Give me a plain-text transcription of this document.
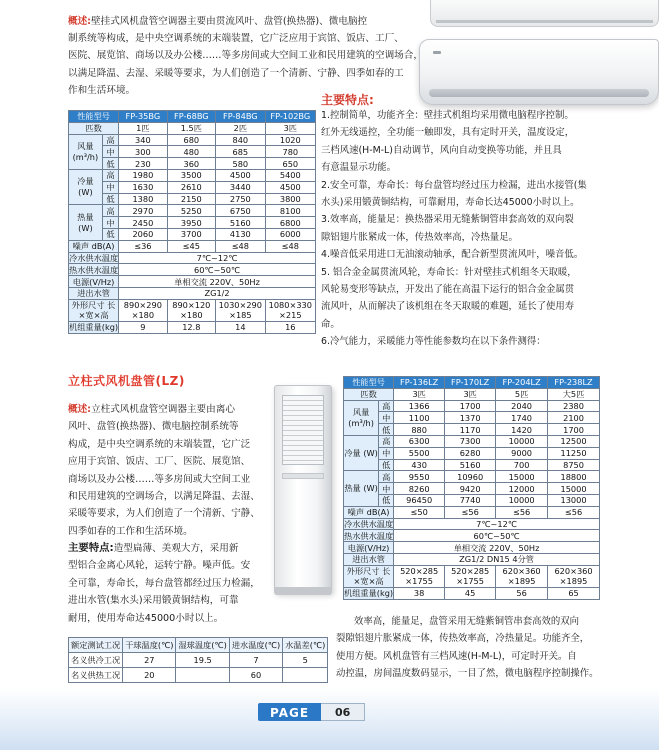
概述:壁挂式风机盘管空调器主要由贯流风叶、盘管(换热器)、微电脑控
制系统等构成，是中央空调系统的末端装置，它广泛应用于宾馆、饭店、工厂、
医院、展览馆、商场以及办公楼……等多房间或大空间工业和民用建筑的空调场合，
以满足降温、去湿、采暖等要求，为人们创造了一个清新、宁静、四季如春的工
作和生活环境。
主要特点:
1.控制简单，功能齐全：壁挂式机组均采用微电脑程序控制。
红外无线遥控，全功能一触即发，具有定时开关，温度设定，
三档风速(H-M-L)自动调节，风向自动变换等功能，并且具
有意温显示功能。
2.安全可靠，寿命长：每台盘管均经过压力检漏，进出水接管(集
水头)采用锻黄铜结构，可靠耐用，寿命长达45000小时以上。
3.效率高，能量足：换热器采用无缝紫铜管串套高效的双向裂
隙铝翅片胀紧成一体，传热效率高，冷热量足。
4.噪音低采用进口无油滚动轴承，配合新型贯流风叶，噪音低。
5. 铝合金金属贯流风轮，寿命长：针对壁挂式机组冬天取暖，
风轮易变形等缺点，开发出了能在高温下运行的铝合金金属贯
流风叶，从而解决了该机组在冬天取暖的难题，延长了使用寿
命。
6.冷气能力，采暖能力等性能参数均在以下条件测得：
性能型号		FP-35BG	FP-68BG	FP-84BG	FP-102BG
匹数		1匹	1.5匹	2匹	3匹
风量 (m³/h)	高	340	680	840	1020
	中	300	480	685	780
	低	230	360	580	650
冷量 (W)	高	1980	3500	4500	5400
	中	1630	2610	3440	4500
	低	1380	2150	2750	3800
热量 (W)	高	2970	5250	6750	8100
	中	2450	3950	5160	6800
	低	2060	3700	4130	6000
噪声 dB(A)		≤36	≤45	≤48	≤48
冷水供水温度		7℃~12℃			
热水供水温度		60℃~50℃			
电源(V/Hz)		单相交流 220V、50Hz			
进出水管		ZG1/2			
外形尺寸 长×宽×高		890×290 ×180	890×120 ×180	1030×290 ×185	1080×330 ×215
机组重量(kg)		9	12.8	14	16
立柱式风机盘管(LZ)
概述:立柱式风机盘管空调器主要由离心
风叶、盘管(换热器)、微电脑控制系统等
构成，是中央空调系统的末端装置，它广泛
应用于宾馆、饭店、工厂、医院、展览馆、
商场以及办公楼……等多房间或大空间工业
和民用建筑的空调场合，以满足降温、去湿、
采暖等要求，为人们创造了一个清新、宁静、
四季如春的工作和生活环境。
主要特点:造型扁薄、美观大方，采用新
型铝合金离心风轮，运转宁静。噪声低。安
全可靠，寿命长，每台盘管都经过压力检漏，
进出水管(集水头)采用锻黄铜结构，可靠
耐用，使用寿命达45000小时以上。
性能型号		FP-136LZ	FP-170LZ	FP-204LZ	FP-238LZ
匹数		3匹	3匹	5匹	大5匹
风量 (m³/h)	高	1366	1700	2040	2380
	中	1100	1370	1740	2100
	低	880	1170	1420	1700
冷量 (W)	高	6300	7300	10000	12500
	中	5500	6280	9000	11250
	低	430	5160	700	8750
热量 (W)	高	9550	10960	15000	18800
	中	8260	9420	12000	15000
	低	96450	7740	10000	13000
噪声 dB(A)		≤50	≤56	≤56	≤56
冷水供水温度		7℃~12℃			
热水供水温度		60℃~50℃			
电源(V/Hz)		单相交流 220V、50Hz			
进出水管		ZG1/2 DN15 4分管			
外形尺寸 长×宽×高		520×285 ×1755	520×285 ×1755	620×360 ×1895	620×360 ×1895
机组重量(kg)		38	45	56	65
效率高，能量足，盘管采用无缝紫铜管串套高效的双向
裂隙铝翅片胀紧成一体，传热效率高，冷热量足。功能齐全，
使用方便。风机盘管有三档风速(H-M-L)，可定时开关。自
动控温，房间温度数码显示，一目了然，微电脑程序控制操作。
额定测试工况	干球温度(℃)	湿球温度(℃)	进水温度(℃)	水温差(℃)
名义供冷工况	27	19.5	7	5
名义供热工况	20		60	
PAGE	06
